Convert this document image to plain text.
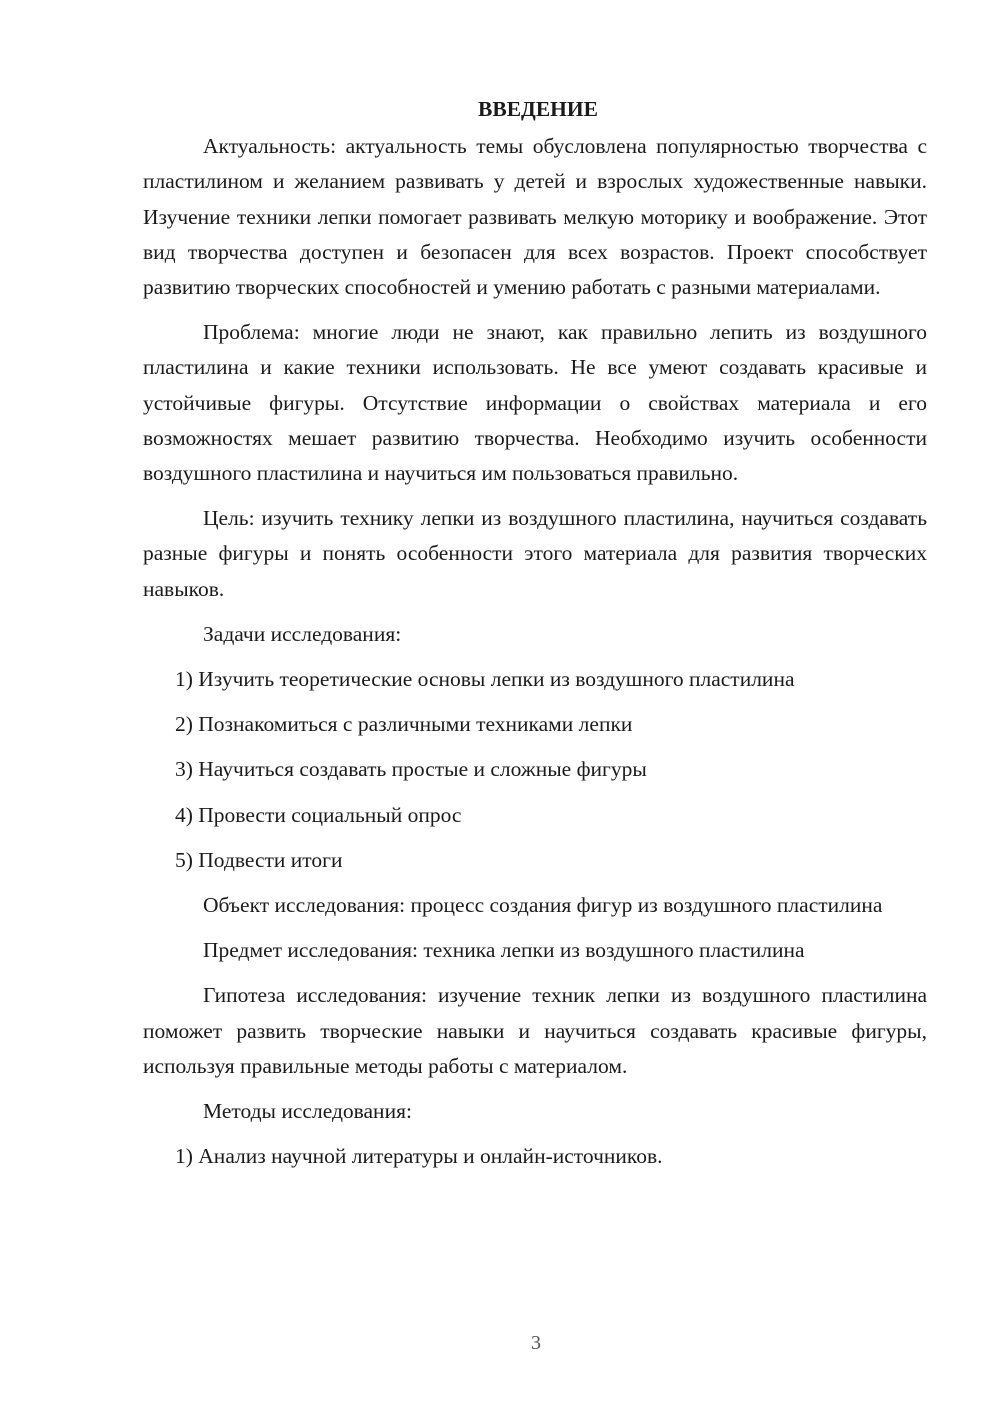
ВВЕДЕНИЕ

Актуальность: актуальность темы обусловлена популярностью творчества с пластилином и желанием развивать у детей и взрослых художественные навыки. Изучение техники лепки помогает развивать мелкую моторику и воображение. Этот вид творчества доступен и безопасен для всех возрастов. Проект способствует развитию творческих способностей и умению работать с разными материалами.

Проблема: многие люди не знают, как правильно лепить из воздушного пластилина и какие техники использовать. Не все умеют создавать красивые и устойчивые фигуры. Отсутствие информации о свойствах материала и его возможностях мешает развитию творчества. Необходимо изучить особенности воздушного пластилина и научиться им пользоваться правильно.

Цель: изучить технику лепки из воздушного пластилина, научиться создавать разные фигуры и понять особенности этого материала для развития творческих навыков.

Задачи исследования:

1) Изучить теоретические основы лепки из воздушного пластилина

2) Познакомиться с различными техниками лепки

3) Научиться создавать простые и сложные фигуры

4) Провести социальный опрос

5) Подвести итоги

Объект исследования: процесс создания фигур из воздушного пластилина

Предмет исследования: техника лепки из воздушного пластилина

Гипотеза исследования: изучение техник лепки из воздушного пластилина поможет развить творческие навыки и научиться создавать красивые фигуры, используя правильные методы работы с материалом.

Методы исследования:

1) Анализ научной литературы и онлайн-источников.

3
